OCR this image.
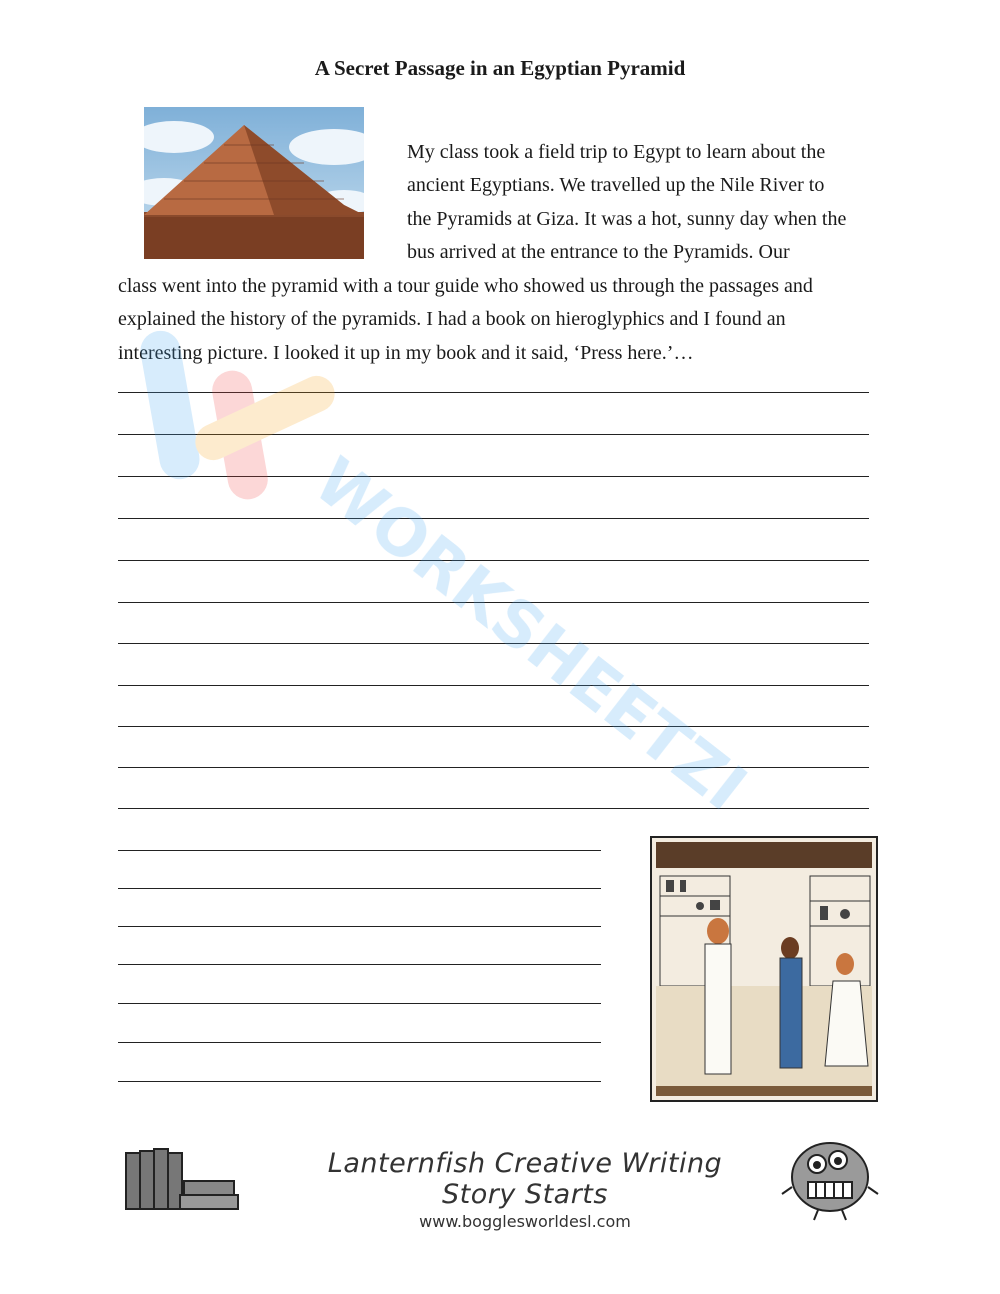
A Secret Passage in an Egyptian Pyramid
My class took a field trip to Egypt to learn about the
ancient Egyptians. We travelled up the Nile River to
the Pyramids at Giza. It was a hot, sunny day when the
bus arrived at the entrance to the Pyramids. Our
class went into the pyramid with a tour guide who showed us through the passages and
explained the history of the pyramids. I had a book on hieroglyphics and I found an
interesting picture. I looked it up in my book and it said, ‘Press here.’…
WORKSHEETZI
Lanternfish Creative Writing Story Starts
www.bogglesworldesl.com
